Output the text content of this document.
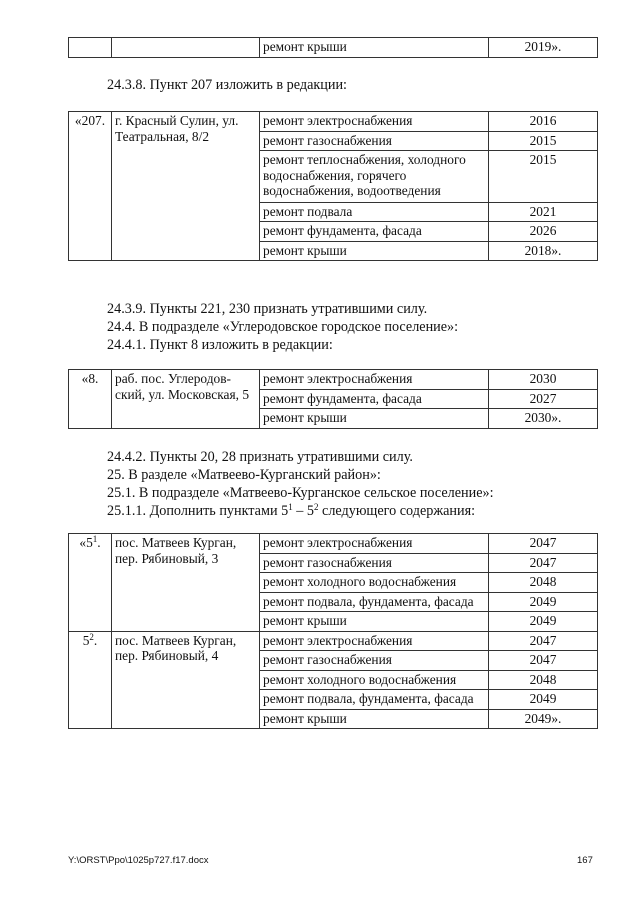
		ремонт крыши	2019».
24.3.8. Пункт 207 изложить в редакции:
«207.	г. Красный Сулин, ул. Театральная, 8/2	ремонт электроснабжения	2016
		ремонт газоснабжения	2015
		ремонт теплоснабжения, холодного водоснабжения, горячего водоснабжения, водоотведения	2015
		ремонт подвала	2021
		ремонт фундамента, фасада	2026
		ремонт крыши	2018».
24.3.9. Пункты 221, 230 признать утратившими силу.
24.4. В подразделе «Углеродовское городское поселение»:
24.4.1. Пункт 8 изложить в редакции:
«8.	раб. пос. Углеродов-ский, ул. Московская, 5	ремонт электроснабжения	2030
		ремонт фундамента, фасада	2027
		ремонт крыши	2030».
24.4.2. Пункты 20, 28 признать утратившими силу.
25. В разделе «Матвеево-Курганский район»:
25.1. В подразделе «Матвеево-Курганское сельское поселение»:
25.1.1. Дополнить пунктами $5^1 - 5^2$ следующего содержания:
«$5^1$.	пос. Матвеев Курган, пер. Рябиновый, 3	ремонт электроснабжения	2047
		ремонт газоснабжения	2047
		ремонт холодного водоснабжения	2048
		ремонт подвала, фундамента, фасада	2049
		ремонт крыши	2049
$5^2$.	пос. Матвеев Курган, пер. Рябиновый, 4	ремонт электроснабжения	2047
		ремонт газоснабжения	2047
		ремонт холодного водоснабжения	2048
		ремонт подвала, фундамента, фасада	2049
		ремонт крыши	2049».
Y:\ORST\Ppo\1025p727.f17.docx	167
